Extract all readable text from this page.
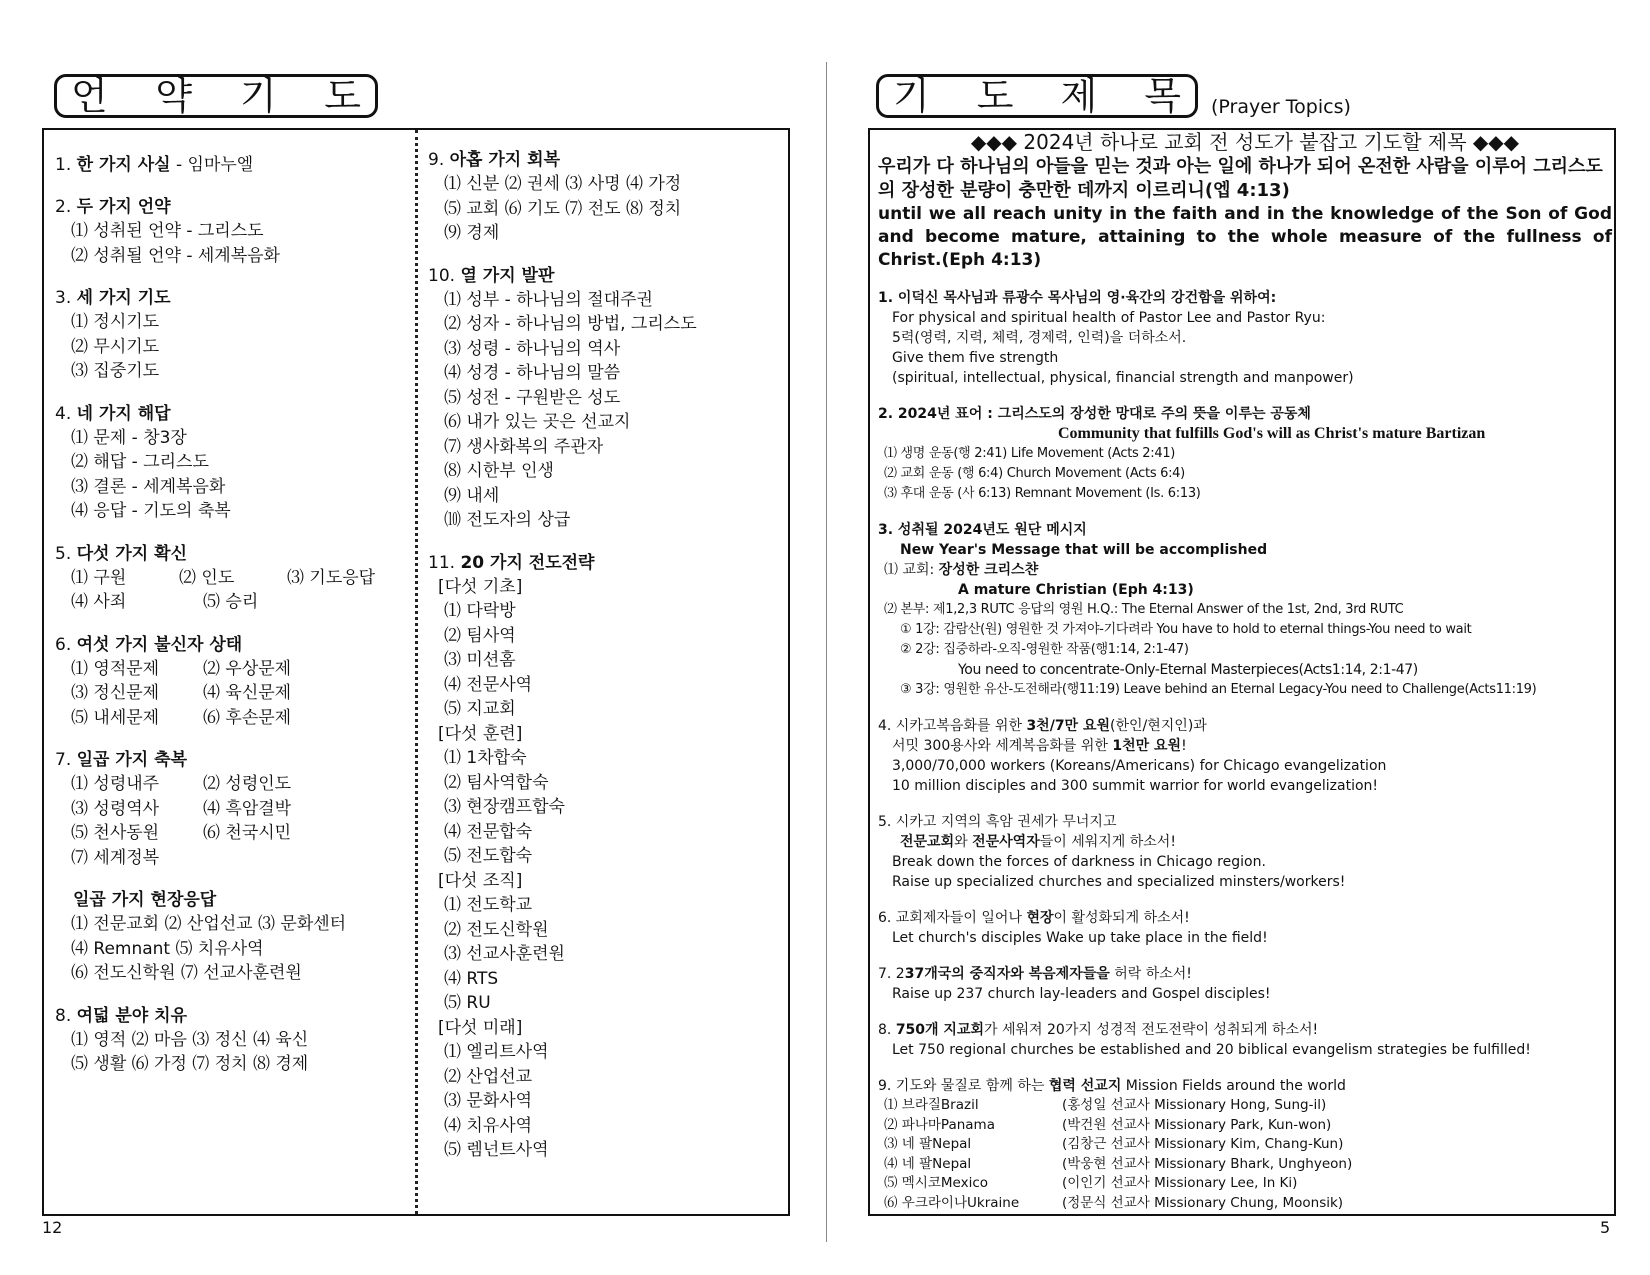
언 약 기 도
1. 한 가지 사실 - 임마누엘
2. 두 가지 언약
⑴ 성취된 언약 - 그리스도
⑵ 성취될 언약 - 세계복음화
3. 세 가지 기도
⑴ 정시기도
⑵ 무시기도
⑶ 집중기도
4. 네 가지 해답
⑴ 문제 - 창3장
⑵ 해답 - 그리스도
⑶ 결론 - 세계복음화
⑷ 응답 - 기도의 축복
5. 다섯 가지 확신
⑴ 구원	⑵ 인도	⑶ 기도응답
⑷ 사죄	⑸ 승리
6. 여섯 가지 불신자 상태
⑴ 영적문제	⑵ 우상문제
⑶ 정신문제	⑷ 육신문제
⑸ 내세문제	⑹ 후손문제
7. 일곱 가지 축복
⑴ 성령내주	⑵ 성령인도
⑶ 성령역사	⑷ 흑암결박
⑸ 천사동원	⑹ 천국시민
⑺ 세계정복
일곱 가지 현장응답
⑴ 전문교회 ⑵ 산업선교 ⑶ 문화센터
⑷ Remnant ⑸ 치유사역
⑹ 전도신학원 ⑺ 선교사훈련원
8. 여덟 분야 치유
⑴ 영적 ⑵ 마음 ⑶ 정신 ⑷ 육신
⑸ 생활 ⑹ 가정 ⑺ 정치 ⑻ 경제
9. 아홉 가지 회복
⑴ 신분 ⑵ 권세 ⑶ 사명 ⑷ 가정
⑸ 교회 ⑹ 기도 ⑺ 전도 ⑻ 정치
⑼ 경제
10. 열 가지 발판
⑴ 성부 - 하나님의 절대주권
⑵ 성자 - 하나님의 방법, 그리스도
⑶ 성령 - 하나님의 역사
⑷ 성경 - 하나님의 말씀
⑸ 성전 - 구원받은 성도
⑹ 내가 있는 곳은 선교지
⑺ 생사화복의 주관자
⑻ 시한부 인생
⑼ 내세
⑽ 전도자의 상급
11. 20 가지 전도전략
[다섯 기초]
⑴ 다락방
⑵ 팀사역
⑶ 미션홈
⑷ 전문사역
⑸ 지교회
[다섯 훈련]
⑴ 1차합숙
⑵ 팀사역합숙
⑶ 현장캠프합숙
⑷ 전문합숙
⑸ 전도합숙
[다섯 조직]
⑴ 전도학교
⑵ 전도신학원
⑶ 선교사훈련원
⑷ RTS
⑸ RU
[다섯 미래]
⑴ 엘리트사역
⑵ 산업선교
⑶ 문화사역
⑷ 치유사역
⑸ 렘넌트사역
12
기 도 제 목 (Prayer Topics)
◆◆◆ 2024년 하나로 교회 전 성도가 붙잡고 기도할 제목 ◆◆◆
우리가 다 하나님의 아들을 믿는 것과 아는 일에 하나가 되어 온전한 사람을 이루어 그리스도의 장성한 분량이 충만한 데까지 이르리니(엡 4:13)
until we all reach unity in the faith and in the knowledge of the Son of God and become mature, attaining to the whole measure of the fullness of Christ.(Eph 4:13)
1. 이덕신 목사님과 류광수 목사님의 영·육간의 강건함을 위하여:
For physical and spiritual health of Pastor Lee and Pastor Ryu:
5력(영력, 지력, 체력, 경제력, 인력)을 더하소서.
Give them five strength
(spiritual, intellectual, physical, financial strength and manpower)
2. 2024년 표어 : 그리스도의 장성한 망대로 주의 뜻을 이루는 공동체
Community that fulfills God's will as Christ's mature Bartizan
⑴ 생명 운동(행 2:41) Life Movement (Acts 2:41)
⑵ 교회 운동 (행 6:4) Church Movement (Acts 6:4)
⑶ 후대 운동 (사 6:13) Remnant Movement (Is. 6:13)
3. 성취될 2024년도 원단 메시지
New Year's Message that will be accomplished
⑴ 교회: 장성한 크리스챤
A mature Christian (Eph 4:13)
⑵ 본부: 제1,2,3 RUTC 응답의 영원 H.Q.: The Eternal Answer of the 1st, 2nd, 3rd RUTC
① 1강: 감람산(원) 영원한 것 가져야-기다려라 You have to hold to eternal things-You need to wait
② 2강: 집중하라-오직-영원한 작품(행1:14, 2:1-47)
You need to concentrate-Only-Eternal Masterpieces(Acts1:14, 2:1-47)
③ 3강: 영원한 유산-도전해라(행11:19) Leave behind an Eternal Legacy-You need to Challenge(Acts11:19)
4. 시카고복음화를 위한 3천/7만 요원(한인/현지인)과
서밋 300용사와 세계복음화를 위한 1천만 요원!
3,000/70,000 workers (Koreans/Americans) for Chicago evangelization
10 million disciples and 300 summit warrior for world evangelization!
5. 시카고 지역의 흑암 권세가 무너지고
전문교회와 전문사역자들이 세워지게 하소서!
Break down the forces of darkness in Chicago region.
Raise up specialized churches and specialized minsters/workers!
6. 교회제자들이 일어나 현장이 활성화되게 하소서!
Let church's disciples Wake up take place in the field!
7. 237개국의 중직자와 복음제자들을 허락 하소서!
Raise up 237 church lay-leaders and Gospel disciples!
8. 750개 지교회가 세워져 20가지 성경적 전도전략이 성취되게 하소서!
Let 750 regional churches be established and 20 biblical evangelism strategies be fulfilled!
9. 기도와 물질로 함께 하는 협력 선교지 Mission Fields around the world
⑴ 브라질Brazil	(홍성일 선교사 Missionary Hong, Sung-il)
⑵ 파나마Panama	(박건원 선교사 Missionary Park, Kun-won)
⑶ 네 팔Nepal	(김창근 선교사 Missionary Kim, Chang-Kun)
⑷ 네 팔Nepal	(박웅현 선교사 Missionary Bhark, Unghyeon)
⑸ 멕시코Mexico	(이인기 선교사 Missionary Lee, In Ki)
⑹ 우크라이나Ukraine	(정문식 선교사 Missionary Chung, Moonsik)
5
